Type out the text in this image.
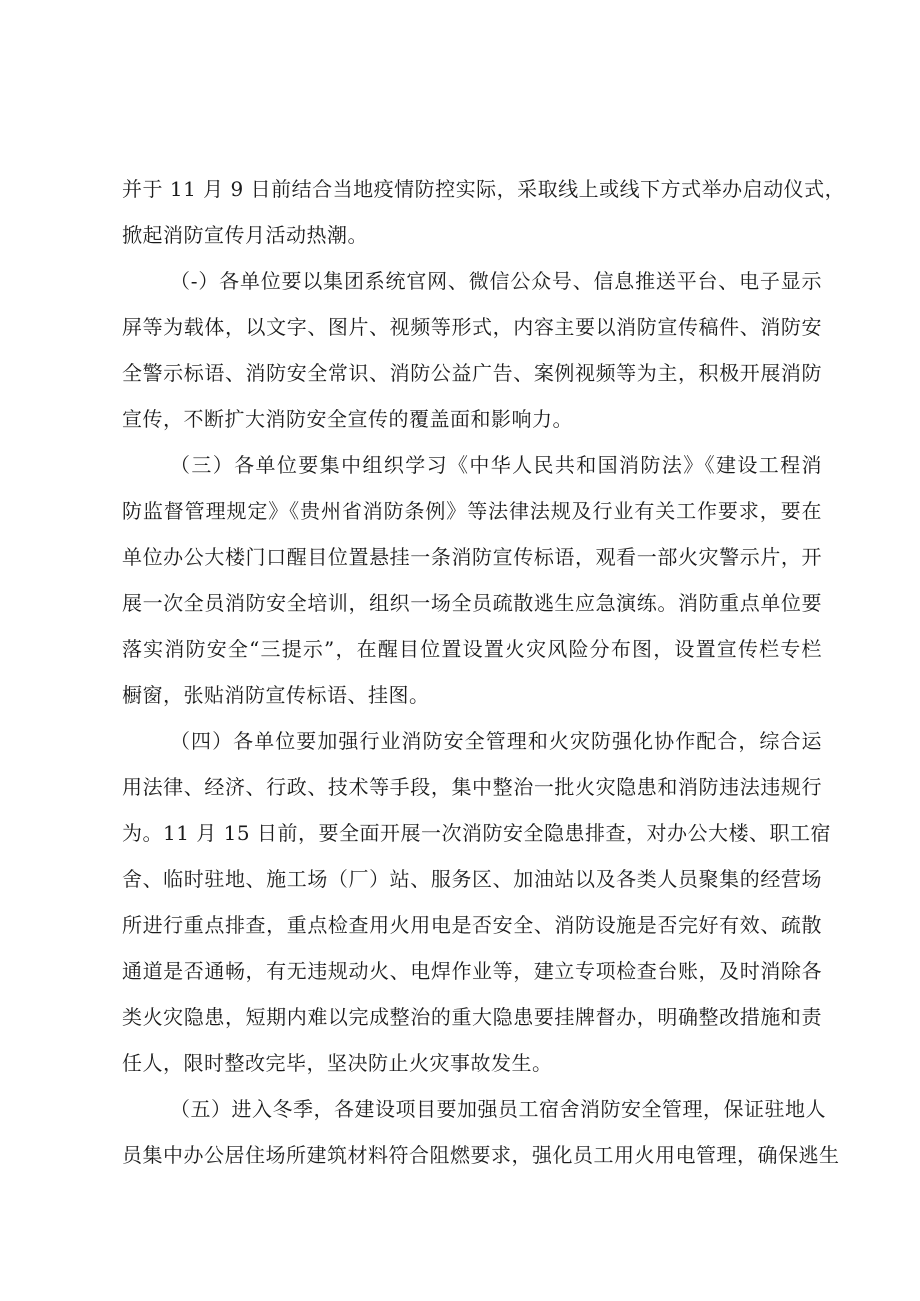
并于 11 月 9 日前结合当地疫情防控实际，采取线上或线下方式举办启动仪式，
掀起消防宣传月活动热潮。
（-）各单位要以集团系统官网、微信公众号、信息推送平台、电子显示
屏等为载体，以文字、图片、视频等形式，内容主要以消防宣传稿件、消防安
全警示标语、消防安全常识、消防公益广告、案例视频等为主，积极开展消防
宣传，不断扩大消防安全宣传的覆盖面和影响力。
（三）各单位要集中组织学习《中华人民共和国消防法》《建设工程消
防监督管理规定》《贵州省消防条例》等法律法规及行业有关工作要求，要在
单位办公大楼门口醒目位置悬挂一条消防宣传标语，观看一部火灾警示片，开
展一次全员消防安全培训，组织一场全员疏散逃生应急演练。消防重点单位要
落实消防安全“三提示”，在醒目位置设置火灾风险分布图，设置宣传栏专栏
橱窗，张贴消防宣传标语、挂图。
（四）各单位要加强行业消防安全管理和火灾防强化协作配合，综合运
用法律、经济、行政、技术等手段，集中整治一批火灾隐患和消防违法违规行
为。11 月 15 日前，要全面开展一次消防安全隐患排查，对办公大楼、职工宿
舍、临时驻地、施工场（厂）站、服务区、加油站以及各类人员聚集的经营场
所进行重点排查，重点检查用火用电是否安全、消防设施是否完好有效、疏散
通道是否通畅，有无违规动火、电焊作业等，建立专项检查台账，及时消除各
类火灾隐患，短期内难以完成整治的重大隐患要挂牌督办，明确整改措施和责
任人，限时整改完毕，坚决防止火灾事故发生。
（五）进入冬季，各建设项目要加强员工宿舍消防安全管理，保证驻地人
员集中办公居住场所建筑材料符合阻燃要求，强化员工用火用电管理，确保逃生
